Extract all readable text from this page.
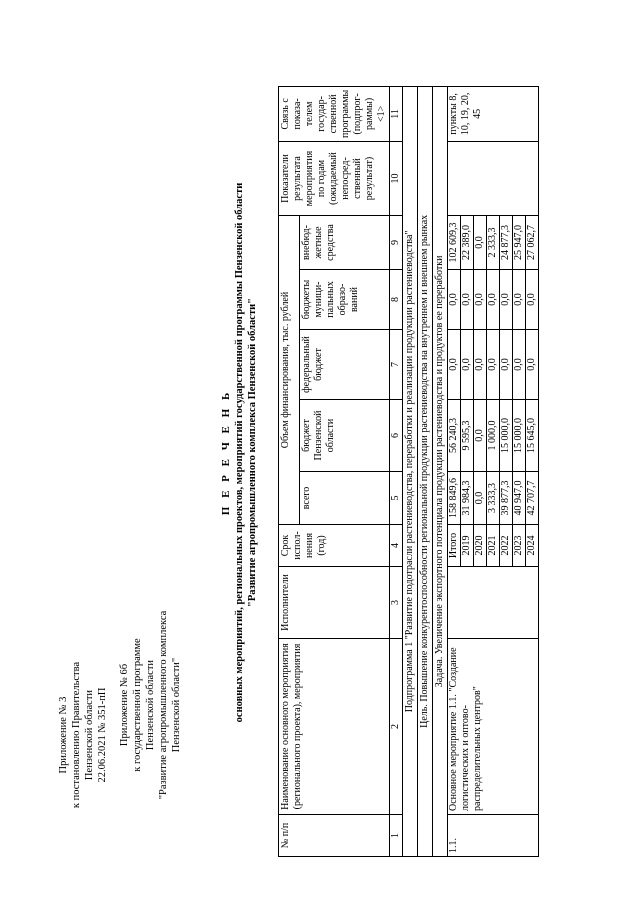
Приложение № 3 к постановлению Правительства Пензенской области 22.06.2021 № 351-пП Приложение № 6б к государственной программе Пензенской области "Развитие агропромышленного комплекса Пензенской области"
П Е Р Е Ч Е Н Ь основных мероприятий, региональных проектов, мероприятий государственной программы Пензенской области "Развитие агропромышленного комплекса Пензенской области"
№ п/п	Наименование основного мероприятия (регионального проекта), мероприятия	Исполнители	Срок испол-нения (год)	Объем финансирования, тыс. рублей					Показатели результата мероприятия по годам (ожидаемый непосред-ственный результат)	Связь с показа-телем государ-ственной программы (подпрог-раммы) <1>
				всего	бюджет Пензенской области	федеральный бюджет	бюджеты муници-пальных образо-ваний	внебюд-жетные средства		
1	2	3	4	5	6	7	8	9	10	11
Подпрограмма 1 "Развитие подотрасли растениеводства, переработки и реализации продукции растениеводства"										
Цель. Повышение конкурентоспособности региональной продукции растениеводства на внутреннем и внешнем рынках										
Задача. Увеличение экспортного потенциала продукции растениеводства и продуктов ее переработки										
1.1.	Основное мероприятие 1.1. "Создание логистических и оптово-распределительных центров"		Итого	158 849,6	56 240,3	0,0	0,0	102 609,3		пункты 8, 10, 19, 20, 45
			2019	31 984,3	9 595,3	0,0	0,0	22 389,0		
			2020	0,0	0,0	0,0	0,0	0,0		
			2021	3 333,3	1 000,0	0,0	0,0	2 333,3		
			2022	39 877,3	15 000,0	0,0	0,0	24 877,3		
			2023	40 947,0	15 000,0	0,0	0,0	25 947,0		
			2024	42 707,7	15 645,0	0,0	0,0	27 062,7		
